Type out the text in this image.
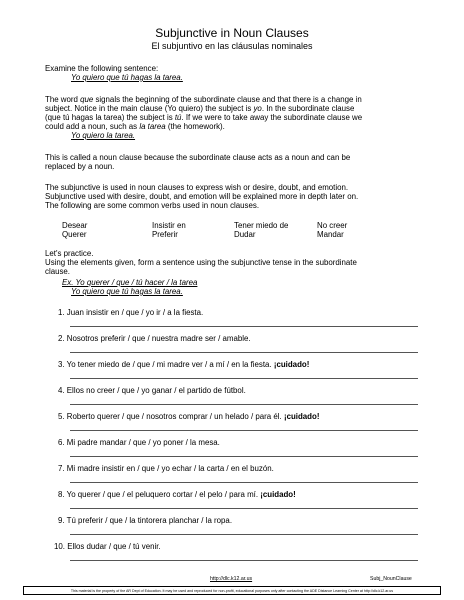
Subjunctive in Noun Clauses
El subjuntivo en las cláusulas nominales
Examine the following sentence:
Yo quiero que tú hagas la tarea.
The word que signals the beginning of the subordinate clause and that there is a change in
subject. Notice in the main clause (Yo quiero) the subject is yo. In the subordinate clause
(que tú hagas la tarea) the subject is tú. If we were to take away the subordinate clause we
could add a noun, such as la tarea (the homework).
Yo quiero la tarea.
This is called a noun clause because the subordinate clause acts as a noun and can be
replaced by a noun.
The subjunctive is used in noun clauses to express wish or desire, doubt, and emotion.
Subjunctive used with desire, doubt, and emotion will be explained more in depth later on.
The following are some common verbs used in noun clauses.
Desear
Querer
Insistir en
Preferir
Tener miedo de
Dudar
No creer
Mandar
Let's practice.
Using the elements given, form a sentence using the subjunctive tense in the subordinate
clause.
Ex. Yo querer / que / tú hacer / la tarea
Yo quiero que tú hagas la tarea.
1. Juan insistir en / que / yo ir / a la fiesta.
2. Nosotros preferir / que / nuestra madre ser / amable.
3. Yo tener miedo de / que / mi madre ver / a mí / en la fiesta. ¡cuidado!
4. Ellos no creer / que / yo ganar / el partido de fútbol.
5. Roberto querer / que / nosotros comprar / un helado / para él. ¡cuidado!
6. Mi padre mandar / que / yo poner / la mesa.
7. Mi madre insistir en / que / yo echar / la carta / en el buzón.
8. Yo querer / que / el peluquero cortar / el pelo / para mí. ¡cuidado!
9. Tú preferir / que / la tintorera planchar / la ropa.
10. Ellos dudar / que / tú venir.
http://dlc.k12.ar.us	Subj_NounClause
This material is the property of the AR Dept of Education. It may be used and reproduced for non-profit, educational purposes only after contacting the ADE Distance Learning Center at http://dlc.k12.ar.us
